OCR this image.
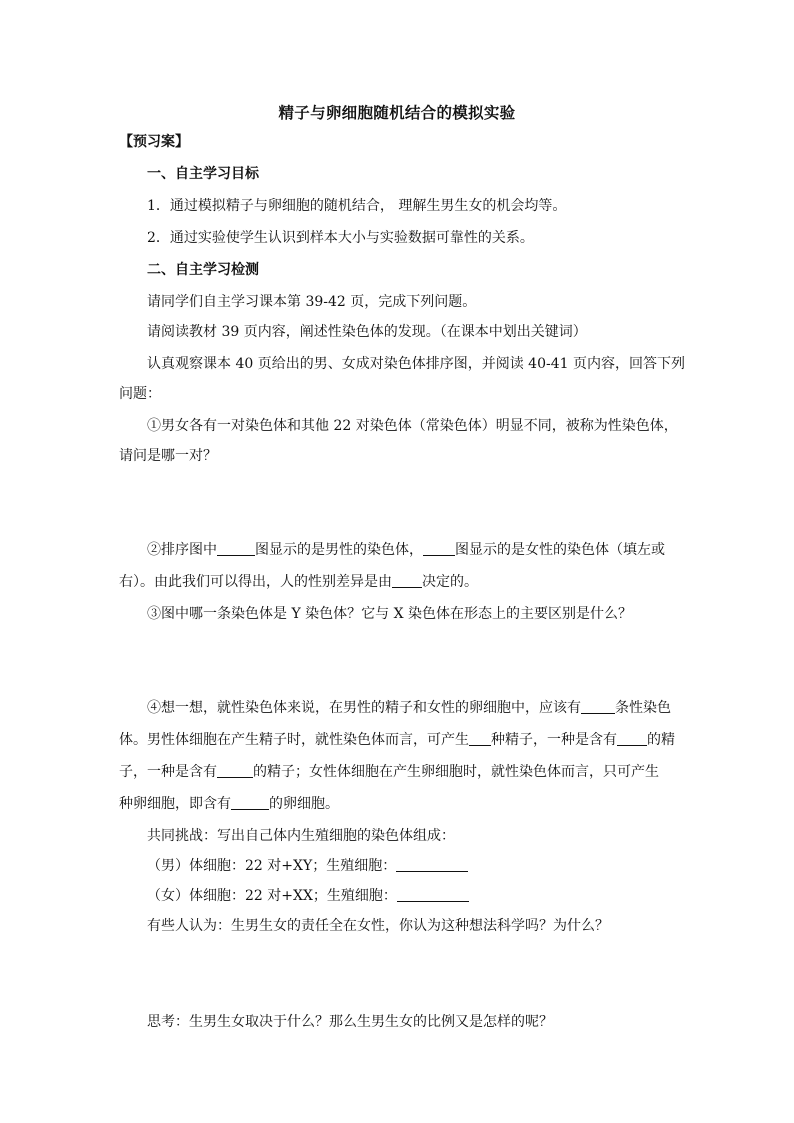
精子与卵细胞随机结合的模拟实验
【预习案】
一、自主学习目标
1．通过模拟精子与卵细胞的随机结合， 理解生男生女的机会均等。
2．通过实验使学生认识到样本大小与实验数据可靠性的关系。
二、自主学习检测
请同学们自主学习课本第 39-42 页，完成下列问题。
请阅读教材 39 页内容，阐述性染色体的发现。（在课本中划出关键词）
认真观察课本 40 页给出的男、女成对染色体排序图，并阅读 40-41 页内容，回答下列
问题：
①男女各有一对染色体和其他 22 对染色体（常染色体）明显不同，被称为性染色体，
请问是哪一对？
②排序图中	图显示的是男性的染色体， 图显示的是女性的染色体（填左或
右）。由此我们可以得出，人的性别差异是由 决定的。
③图中哪一条染色体是 Y 染色体？它与 X 染色体在形态上的主要区别是什么？
④想一想，就性染色体来说，在男性的精子和女性的卵细胞中，应该有 条性染色
体。男性体细胞在产生精子时，就性染色体而言，可产生 种精子，一种是含有 的精
子，一种是含有	的精子；女性体细胞在产生卵细胞时，就性染色体而言，只可产生
种卵细胞，即含有	的卵细胞。
共同挑战：写出自己体内生殖细胞的染色体组成：
（男）体细胞：22 对+XY；生殖细胞：
（女）体细胞：22 对+XX；生殖细胞：
有些人认为：生男生女的责任全在女性，你认为这种想法科学吗？为什么？
思考：生男生女取决于什么？那么生男生女的比例又是怎样的呢？
